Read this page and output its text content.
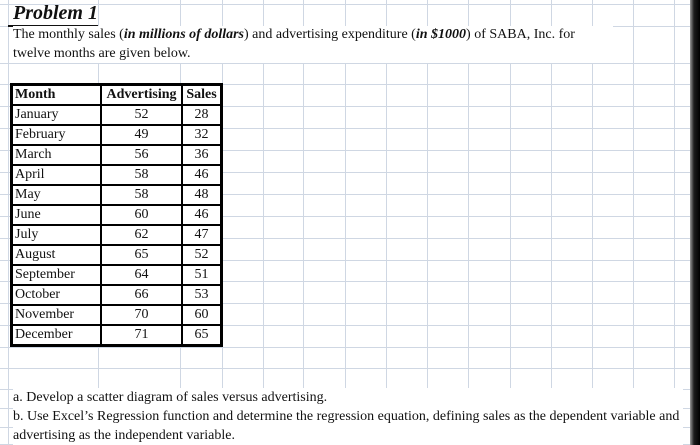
Problem 1
The monthly sales (in millions of dollars) and advertising expenditure (in $1000) of SABA, Inc. for twelve months are given below.
Month	Advertising	Sales
January	52	28
February	49	32
March	56	36
April	58	46
May	58	48
June	60	46
July	62	47
August	65	52
September	64	51
October	66	53
November	70	60
December	71	65
a. Develop a scatter diagram of sales versus advertising.
b. Use Excel’s Regression function and determine the regression equation, defining sales as the dependent variable and advertising as the independent variable.
